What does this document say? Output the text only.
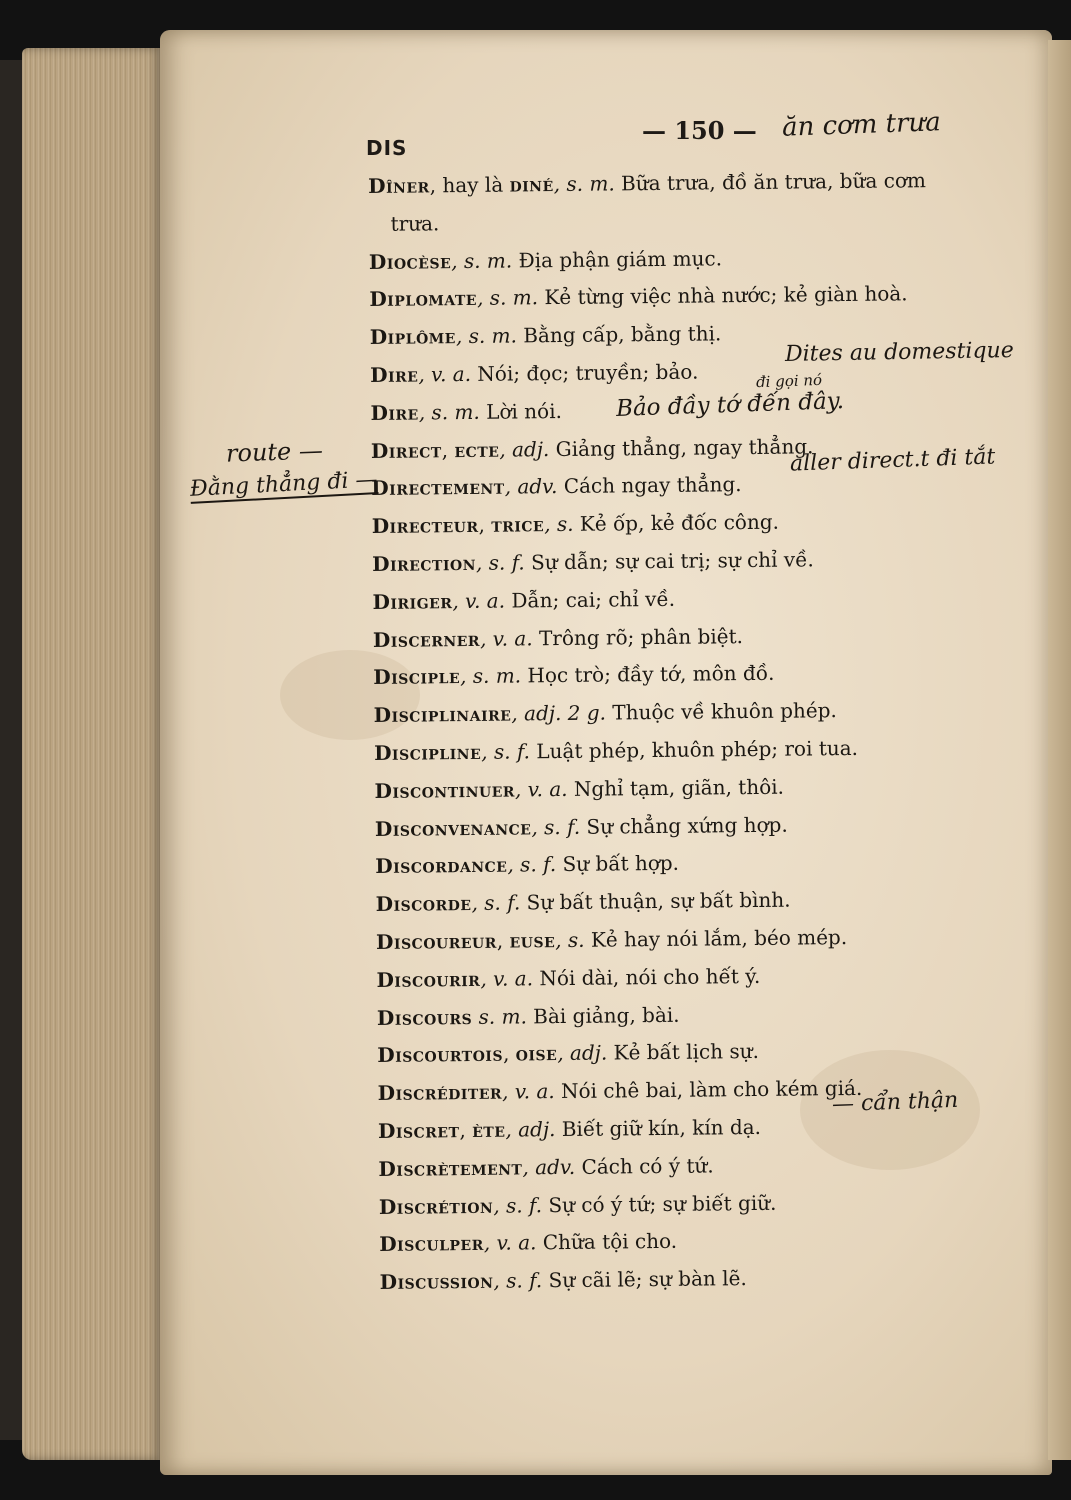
DIS
— 150 —
Dîner, hay là diné, s. m. Bữa trưa, đồ ăn trưa, bữa cơm
trưa.
Diocèse, s. m. Địa phận giám mục.
Diplomate, s. m. Kẻ từng việc nhà nước; kẻ giàn hoà.
Diplôme, s. m. Bằng cấp, bằng thị.
Dire, v. a. Nói; đọc; truyền; bảo.
Dire, s. m. Lời nói.
Direct, ecte, adj. Giảng thẳng, ngay thẳng.
Directement, adv. Cách ngay thẳng.
Directeur, trice, s. Kẻ ốp, kẻ đốc công.
Direction, s. f. Sự dẫn; sự cai trị; sự chỉ về.
Diriger, v. a. Dẫn; cai; chỉ về.
Discerner, v. a. Trông rõ; phân biệt.
Disciple, s. m. Học trò; đầy tớ, môn đồ.
Disciplinaire, adj. 2 g. Thuộc về khuôn phép.
Discipline, s. f. Luật phép, khuôn phép; roi tua.
Discontinuer, v. a. Nghỉ tạm, giãn, thôi.
Disconvenance, s. f. Sự chẳng xứng hợp.
Discordance, s. f. Sự bất hợp.
Discorde, s. f. Sự bất thuận, sự bất bình.
Discoureur, euse, s. Kẻ hay nói lắm, béo mép.
Discourir, v. a. Nói dài, nói cho hết ý.
Discours s. m. Bài giảng, bài.
Discourtois, oise, adj. Kẻ bất lịch sự.
Discréditer, v. a. Nói chê bai, làm cho kém giá.
Discret, ète, adj. Biết giữ kín, kín dạ.
Discrètement, adv. Cách có ý tứ.
Discrétion, s. f. Sự có ý tứ; sự biết giữ.
Disculper, v. a. Chữa tội cho.
Discussion, s. f. Sự cãi lẽ; sự bàn lẽ.
ăn cơm trưa
Dites au domestique
đi gọi nó
Bảo đầy tớ đến đây.
route —
Đằng thẳng đi —
aller direct.t đi tắt
— cẩn thận
